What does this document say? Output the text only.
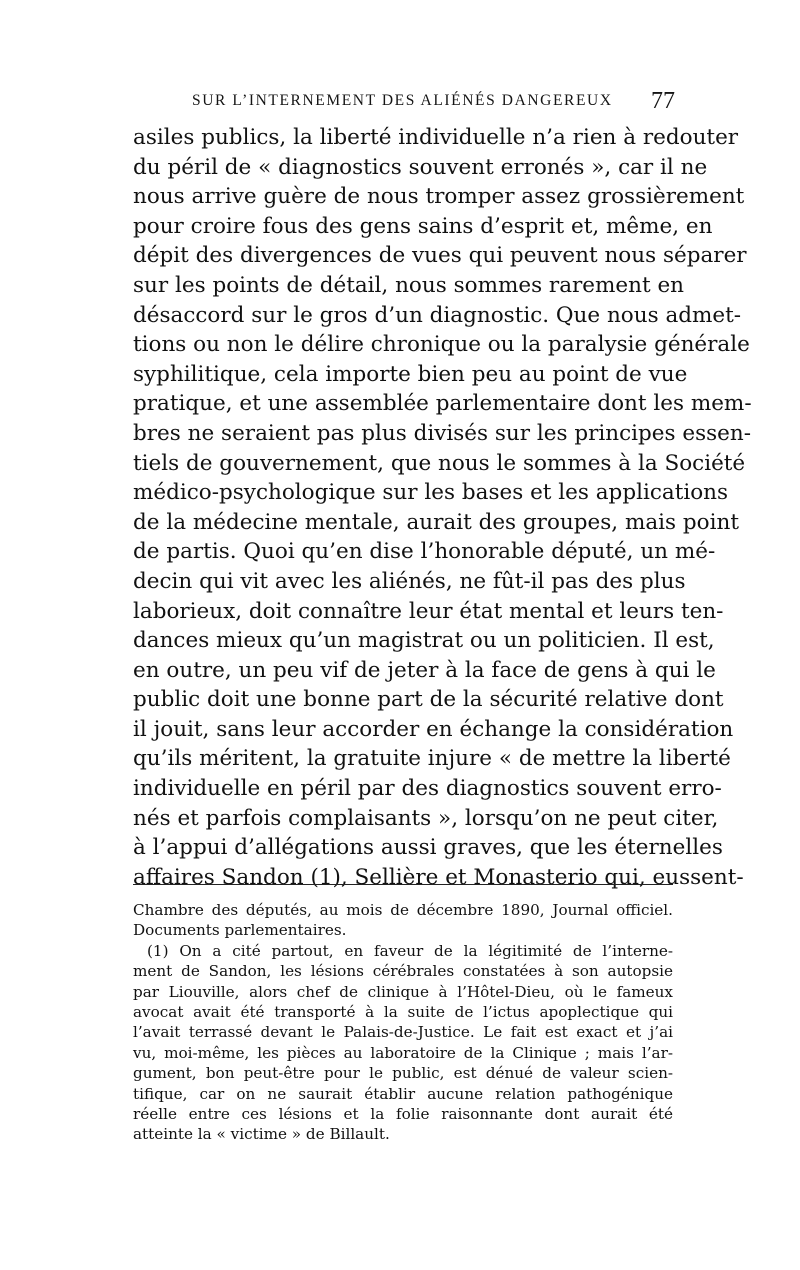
SUR L’INTERNEMENT DES ALIÉNÉS DANGEREUX 77
asiles publics, la liberté individuelle n’a rien à redouter
du péril de « diagnostics souvent erronés », car il ne
nous arrive guère de nous tromper assez grossièrement
pour croire fous des gens sains d’esprit et, même, en
dépit des divergences de vues qui peuvent nous séparer
sur les points de détail, nous sommes rarement en
désaccord sur le gros d’un diagnostic. Que nous admet-
tions ou non le délire chronique ou la paralysie générale
syphilitique, cela importe bien peu au point de vue
pratique, et une assemblée parlementaire dont les mem-
bres ne seraient pas plus divisés sur les principes essen-
tiels de gouvernement, que nous le sommes à la Société
médico-psychologique sur les bases et les applications
de la médecine mentale, aurait des groupes, mais point
de partis. Quoi qu’en dise l’honorable député, un mé-
decin qui vit avec les aliénés, ne fût-il pas des plus
laborieux, doit connaître leur état mental et leurs ten-
dances mieux qu’un magistrat ou un politicien. Il est,
en outre, un peu vif de jeter à la face de gens à qui le
public doit une bonne part de la sécurité relative dont
il jouit, sans leur accorder en échange la considération
qu’ils méritent, la gratuite injure « de mettre la liberté
individuelle en péril par des diagnostics souvent erro-
nés et parfois complaisants », lorsqu’on ne peut citer,
à l’appui d’allégations aussi graves, que les éternelles
affaires Sandon (1), Sellière et Monasterio qui, eussent-
Chambre des députés, au mois de décembre 1890, Journal officiel.
Documents parlementaires.
(1) On a cité partout, en faveur de la légitimité de l’interne-
ment de Sandon, les lésions cérébrales constatées à son autopsie
par Liouville, alors chef de clinique à l’Hôtel-Dieu, où le fameux
avocat avait été transporté à la suite de l’ictus apoplectique qui
l’avait terrassé devant le Palais-de-Justice. Le fait est exact et j’ai
vu, moi-même, les pièces au laboratoire de la Clinique ; mais l’ar-
gument, bon peut-être pour le public, est dénué de valeur scien-
tifique, car on ne saurait établir aucune relation pathogénique
réelle entre ces lésions et la folie raisonnante dont aurait été
atteinte la « victime » de Billault.
